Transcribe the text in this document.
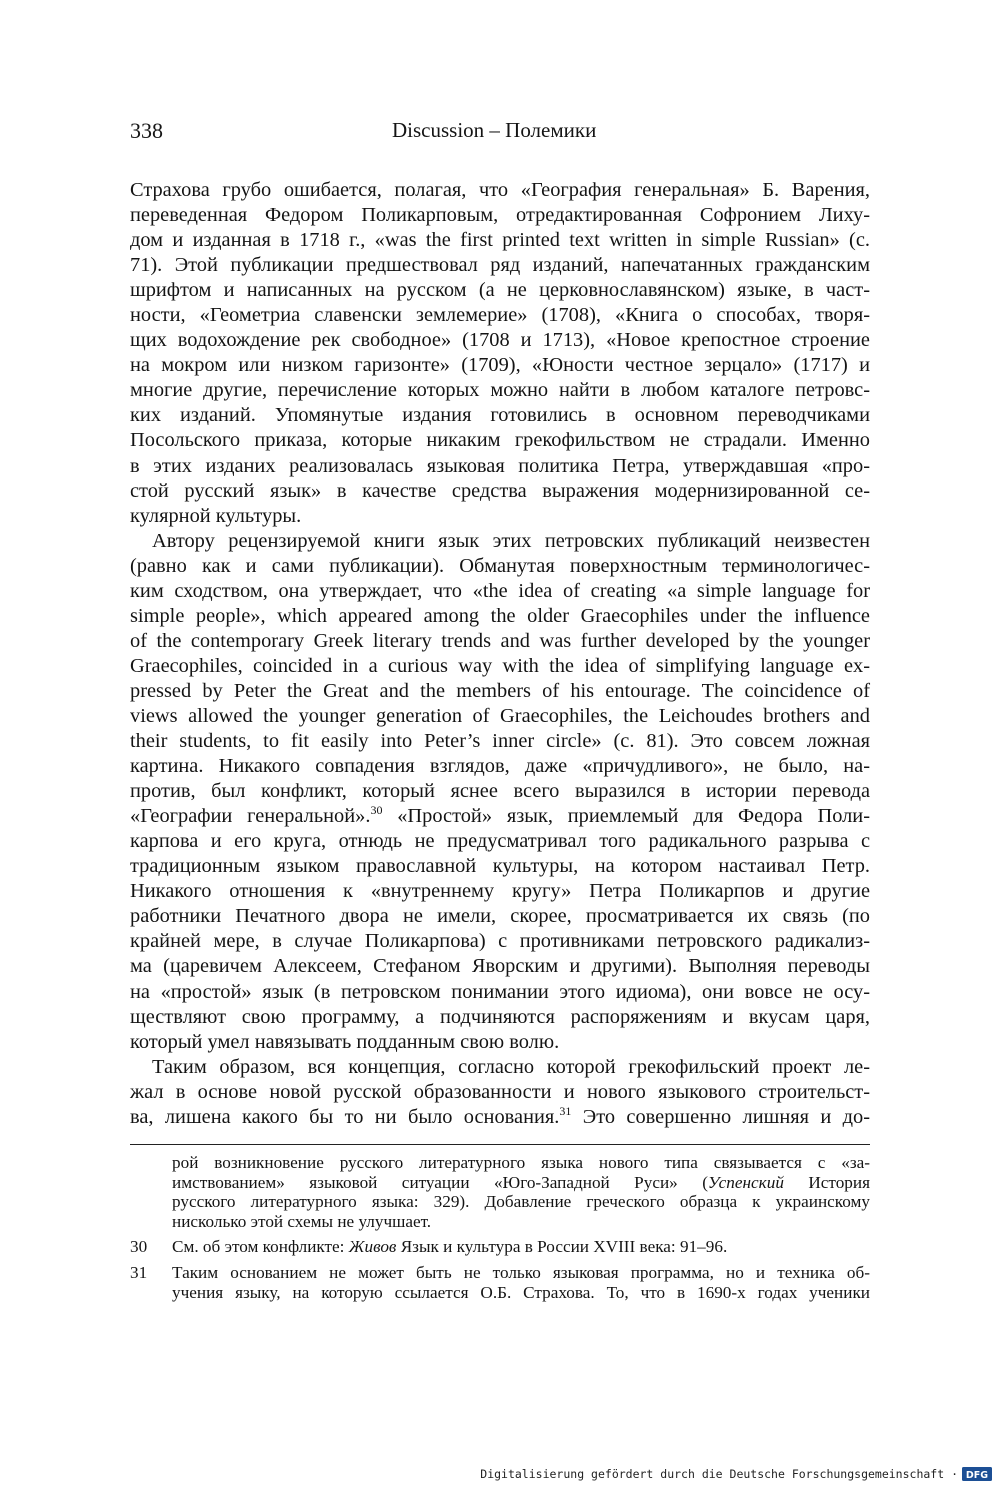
338	Discussion – Полемики
Страхова грубо ошибается, полагая, что «География генеральная» Б. Варения,
переведенная Федором Поликарповым, отредактированная Софронием Лиху-
дом и изданная в 1718 г., «was the first printed text written in simple Russian» (с.
71). Этой публикации предшествовал ряд изданий, напечатанных гражданским
шрифтом и написанных на русском (а не церковнославянском) языке, в част-
ности, «Геометриа славенски землемерие» (1708), «Книга о способах, творя-
щих водохождение рек свободное» (1708 и 1713), «Новое крепостное строение
на мокром или низком гаризонте» (1709), «Юности честное зерцало» (1717) и
многие другие, перечисление которых можно найти в любом каталоге петровс-
ких изданий. Упомянутые издания готовились в основном переводчиками
Посольского приказа, которые никаким грекофильством не страдали. Именно
в этих изданих реализовалась языковая политика Петра, утверждавшая «про-
стой русский язык» в качестве средства выражения модернизированной се-
кулярной культуры.
Автору рецензируемой книги язык этих петровских публикаций неизвестен
(равно как и сами публикации). Обманутая поверхностным терминологичес-
ким сходством, она утверждает, что «the idea of creating «a simple language for
simple people», which appeared among the older Graecophiles under the influence
of the contemporary Greek literary trends and was further developed by the younger
Graecophiles, coincided in a curious way with the idea of simplifying language ex-
pressed by Peter the Great and the members of his entourage. The coincidence of
views allowed the younger generation of Graecophiles, the Leichoudes brothers and
their students, to fit easily into Peter’s inner circle» (с. 81). Это совсем ложная
картина. Никакого совпадения взглядов, даже «причудливого», не было, на-
против, был конфликт, который яснее всего выразился в истории перевода
«Географии генеральной».$^{30}$ «Простой» язык, приемлемый для Федора Поли-
карпова и его круга, отнюдь не предусматривал того радикального разрыва с
традиционным языком православной культуры, на котором настаивал Петр.
Никакого отношения к «внутреннему кругу» Петра Поликарпов и другие
работники Печатного двора не имели, скорее, просматривается их связь (по
крайней мере, в случае Поликарпова) с противниками петровского радикализ-
ма (царевичем Алексеем, Стефаном Яворским и другими). Выполняя переводы
на «простой» язык (в петровском понимании этого идиома), они вовсе не осу-
ществляют свою программу, а подчиняются распоряжениям и вкусам царя,
который умел навязывать подданным свою волю.
Таким образом, вся концепция, согласно которой грекофильский проект ле-
жал в основе новой русской образованности и нового языкового строительст-
ва, лишена какого бы то ни было основания.$^{31}$ Это совершенно лишняя и до-
рой возникновение русского литературного языка нового типа связывается с «за-
имствованием» языковой ситуации «Юго-Западной Руси» (Успенский История
русского литературного языка: 329). Добавление греческого образца к украинскому
нисколько этой схемы не улучшает.
30 См. об этом конфликте: Живов Язык и культура в России XVIII века: 91–96.
31 Таким основанием не может быть не только языковая программа, но и техника об-
учения языку, на которую ссылается О.Б. Страхова. То, что в 1690-х годах ученики
Digitalisierung gefördert durch die Deutsche Forschungsgemeinschaft · DFG
